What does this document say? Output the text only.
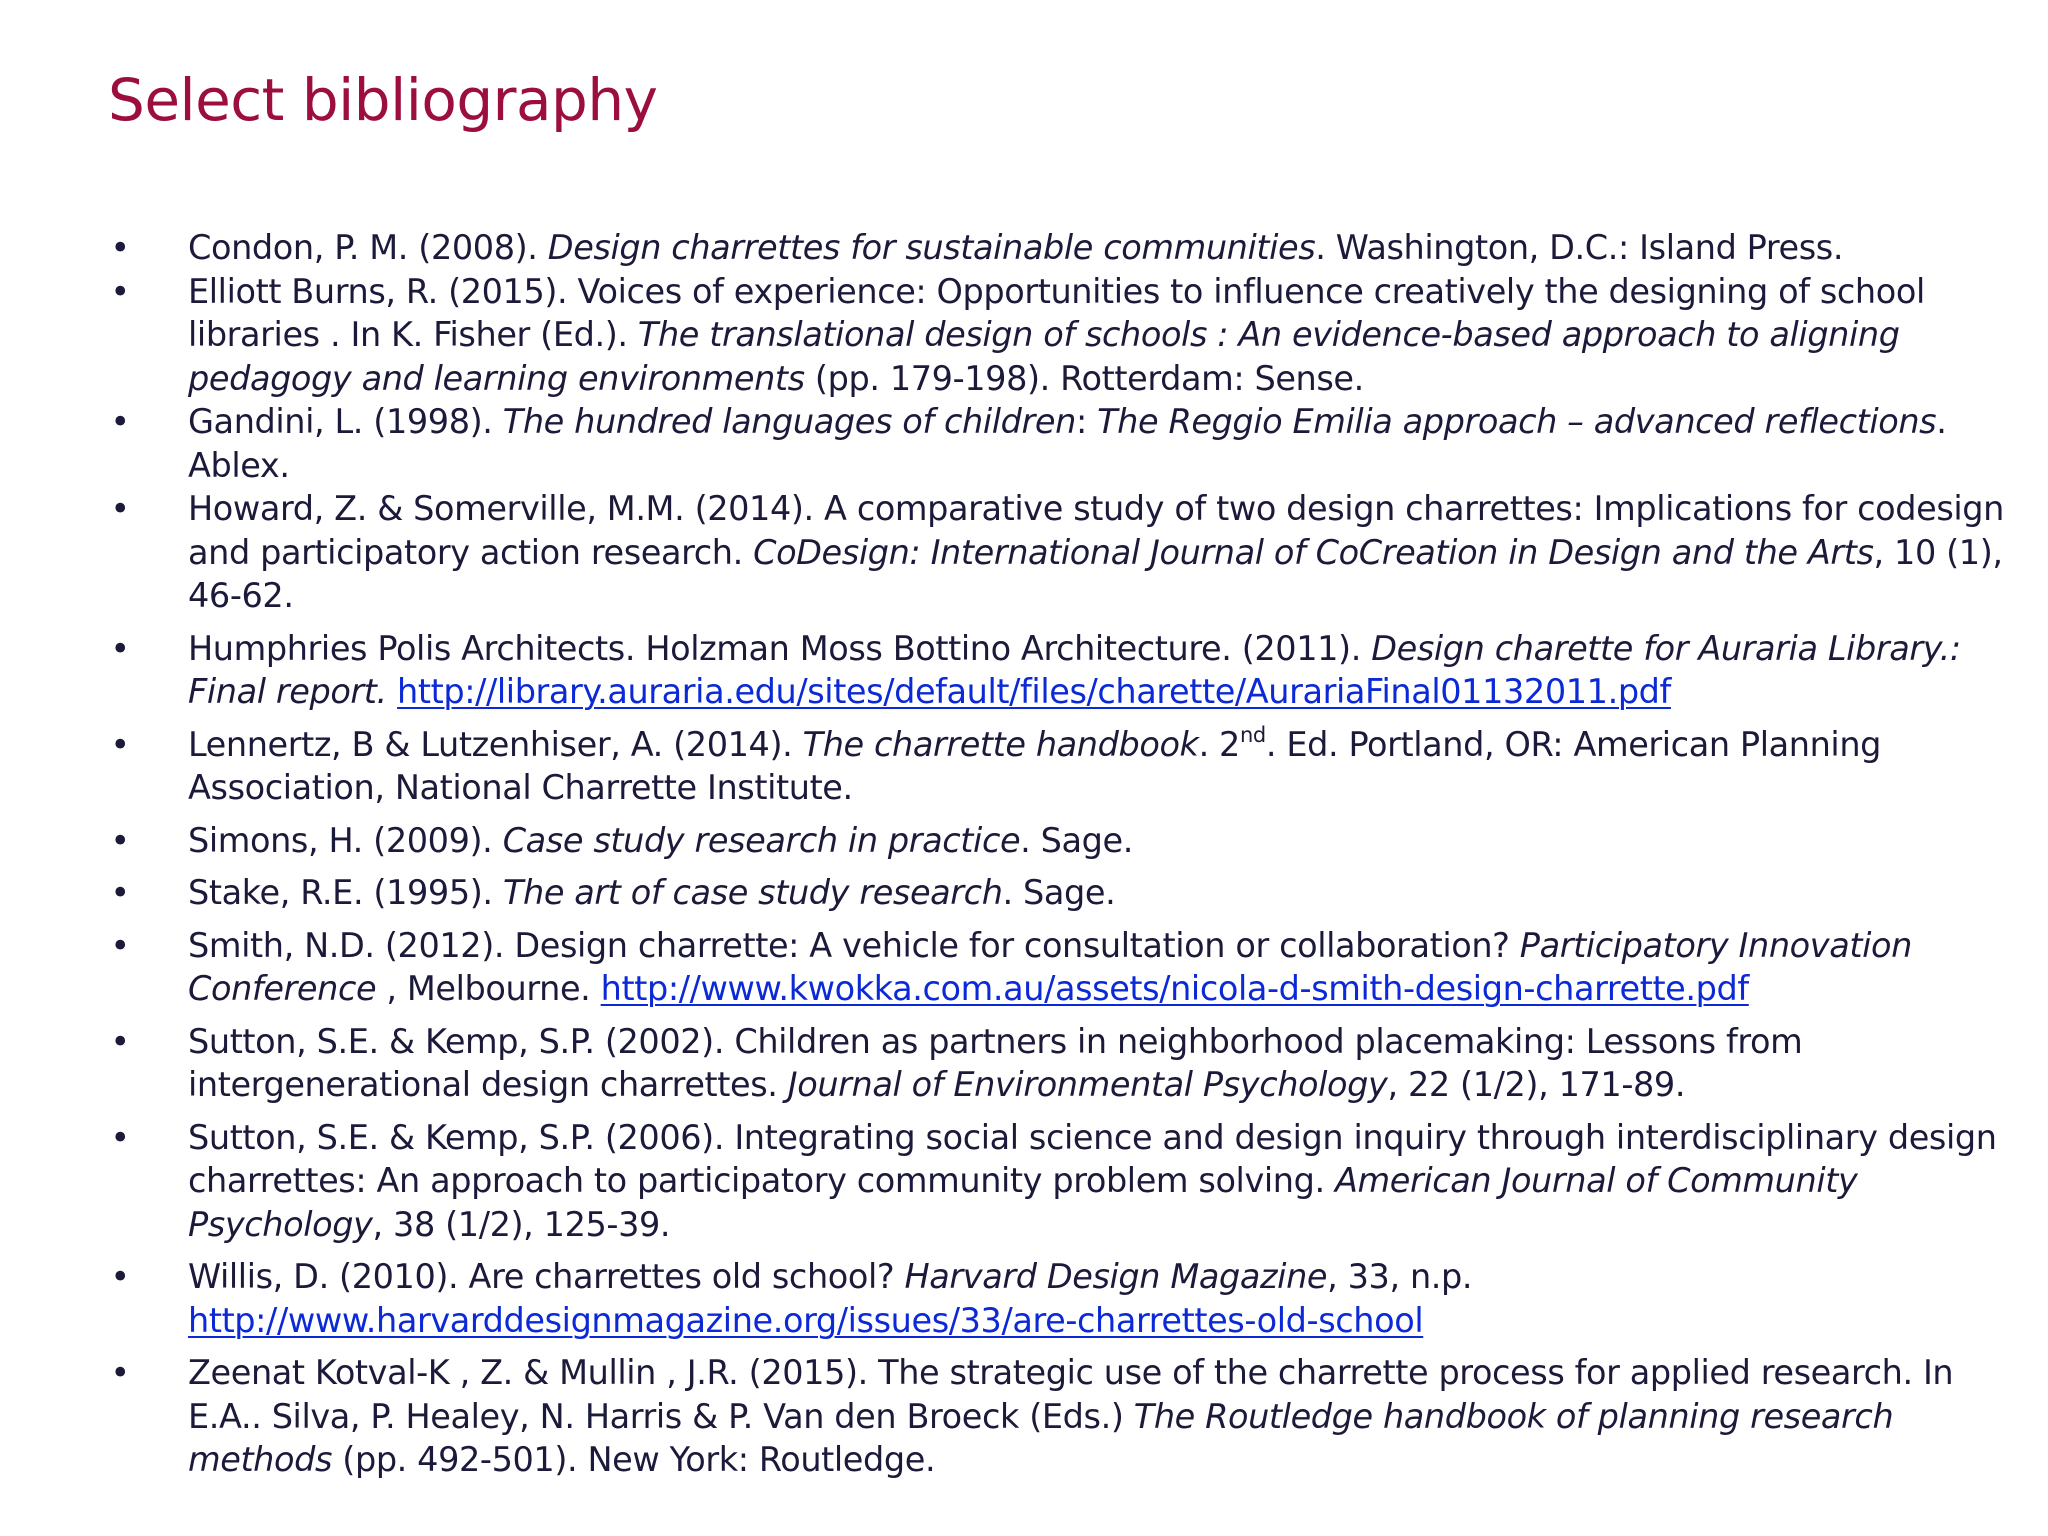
Select bibliography
• Condon, P. M. (2008). Design charrettes for sustainable communities. Washington, D.C.: Island Press.
• Elliott Burns, R. (2015). Voices of experience: Opportunities to influence creatively the designing of school libraries . In K. Fisher (Ed.). The translational design of schools : An evidence-based approach to aligning pedagogy and learning environments (pp. 179-198). Rotterdam: Sense.
• Gandini, L. (1998). The hundred languages of children: The Reggio Emilia approach – advanced reflections. Ablex.
• Howard, Z. & Somerville, M.M. (2014). A comparative study of two design charrettes: Implications for codesign and participatory action research. CoDesign: International Journal of CoCreation in Design and the Arts, 10 (1), 46-62.
• Humphries Polis Architects. Holzman Moss Bottino Architecture. (2011). Design charette for Auraria Library.: Final report. http://library.auraria.edu/sites/default/files/charette/AurariaFinal01132011.pdf
• Lennertz, B & Lutzenhiser, A. (2014). The charrette handbook. 2nd. Ed. Portland, OR: American Planning Association, National Charrette Institute.
• Simons, H. (2009). Case study research in practice. Sage.
• Stake, R.E. (1995). The art of case study research. Sage.
• Smith, N.D. (2012). Design charrette: A vehicle for consultation or collaboration? Participatory Innovation Conference , Melbourne. http://www.kwokka.com.au/assets/nicola-d-smith-design-charrette.pdf
• Sutton, S.E. & Kemp, S.P. (2002). Children as partners in neighborhood placemaking: Lessons from intergenerational design charrettes. Journal of Environmental Psychology, 22 (1/2), 171-89.
• Sutton, S.E. & Kemp, S.P. (2006). Integrating social science and design inquiry through interdisciplinary design charrettes: An approach to participatory community problem solving. American Journal of Community Psychology, 38 (1/2), 125-39.
• Willis, D. (2010). Are charrettes old school? Harvard Design Magazine, 33, n.p. http://www.harvarddesignmagazine.org/issues/33/are-charrettes-old-school
• Zeenat Kotval-K , Z. & Mullin , J.R. (2015). The strategic use of the charrette process for applied research. In E.A.. Silva, P. Healey, N. Harris & P. Van den Broeck (Eds.) The Routledge handbook of planning research methods (pp. 492-501). New York: Routledge.
